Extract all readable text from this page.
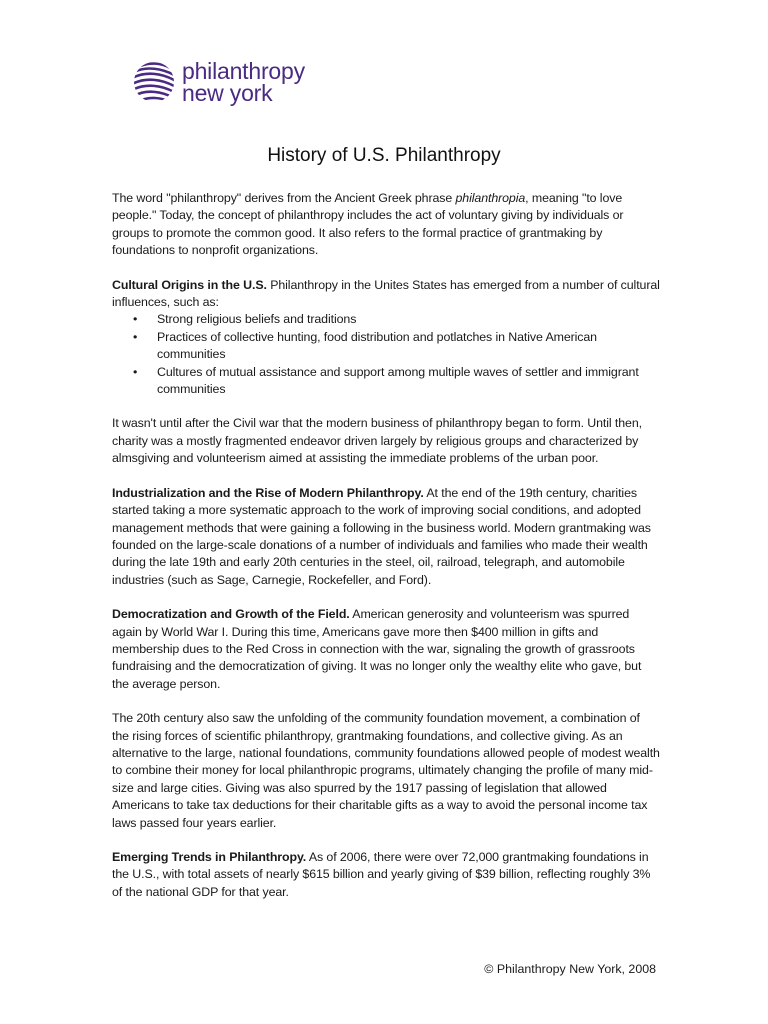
philanthropy
new york
History of U.S. Philanthropy

The word "philanthropy" derives from the Ancient Greek phrase philanthropia, meaning "to love people." Today, the concept of philanthropy includes the act of voluntary giving by individuals or groups to promote the common good. It also refers to the formal practice of grantmaking by foundations to nonprofit organizations.

Cultural Origins in the U.S. Philanthropy in the Unites States has emerged from a number of cultural influences, such as:

• Strong religious beliefs and traditions
• Practices of collective hunting, food distribution and potlatches in Native American communities
• Cultures of mutual assistance and support among multiple waves of settler and immigrant communities

It wasn't until after the Civil war that the modern business of philanthropy began to form. Until then, charity was a mostly fragmented endeavor driven largely by religious groups and characterized by almsgiving and volunteerism aimed at assisting the immediate problems of the urban poor.

Industrialization and the Rise of Modern Philanthropy. At the end of the 19th century, charities started taking a more systematic approach to the work of improving social conditions, and adopted management methods that were gaining a following in the business world. Modern grantmaking was founded on the large-scale donations of a number of individuals and families who made their wealth during the late 19th and early 20th centuries in the steel, oil, railroad, telegraph, and automobile industries (such as Sage, Carnegie, Rockefeller, and Ford).

Democratization and Growth of the Field. American generosity and volunteerism was spurred again by World War I. During this time, Americans gave more then $400 million in gifts and membership dues to the Red Cross in connection with the war, signaling the growth of grassroots fundraising and the democratization of giving. It was no longer only the wealthy elite who gave, but the average person.

The 20th century also saw the unfolding of the community foundation movement, a combination of the rising forces of scientific philanthropy, grantmaking foundations, and collective giving. As an alternative to the large, national foundations, community foundations allowed people of modest wealth to combine their money for local philanthropic programs, ultimately changing the profile of many mid-size and large cities. Giving was also spurred by the 1917 passing of legislation that allowed Americans to take tax deductions for their charitable gifts as a way to avoid the personal income tax laws passed four years earlier.

Emerging Trends in Philanthropy. As of 2006, there were over 72,000 grantmaking foundations in the U.S., with total assets of nearly $615 billion and yearly giving of $39 billion, reflecting roughly 3% of the national GDP for that year.

© Philanthropy New York, 2008
